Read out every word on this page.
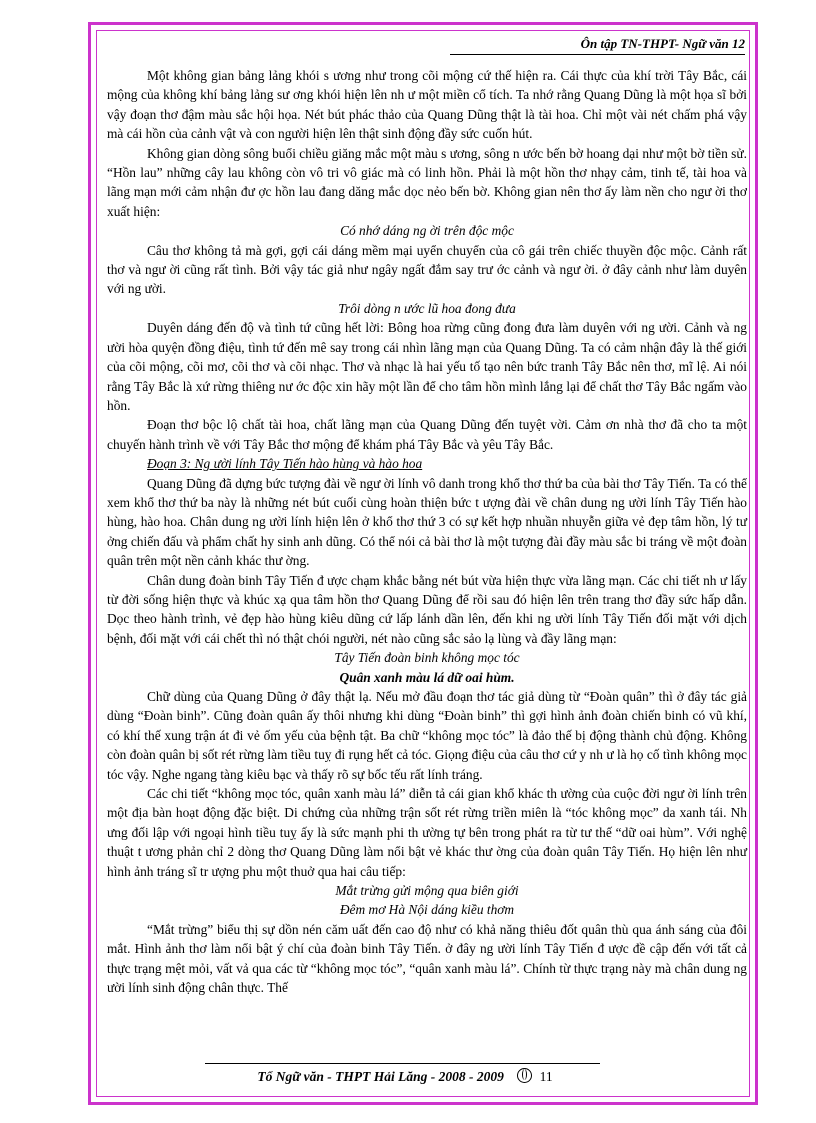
Ôn tập TN-THPT- Ngữ văn 12

Một không gian bảng lảng khói s ương như trong cõi mộng cứ thế hiện ra. Cái thực của khí trời Tây Bắc, cái mộng của không khí bảng lảng sư ơng khói hiện lên nh ư một miền cổ tích. Ta nhớ rằng Quang Dũng là một họa sĩ bởi vậy đoạn thơ đậm màu sắc hội họa. Nét bút phác thảo của Quang Dũng thật là tài hoa. Chỉ một vài nét chấm phá vậy mà cái hồn của cảnh vật và con người hiện lên thật sinh động đầy sức cuốn hút.

Không gian dòng sông buổi chiều giăng mắc một màu s ương, sông n ước bến bờ hoang dại như một bờ tiền sử. “Hồn lau” những cây lau không còn vô tri vô giác mà có linh hồn. Phải là một hồn thơ nhạy cảm, tinh tế, tài hoa và lãng mạn mới cảm nhận đư ợc hồn lau đang dăng mắc dọc nẻo bến bờ. Không gian nên thơ ấy làm nền cho ngư ời thơ xuất hiện:

Có nhớ dáng ng ời trên độc mộc

Câu thơ không tả mà gợi, gợi cái dáng mềm mại uyển chuyển của cô gái trên chiếc thuyền độc mộc. Cảnh rất thơ và ngư ời cũng rất tình. Bởi vậy tác giả như ngây ngất đắm say trư ớc cảnh và ngư ời. ở đây cảnh như làm duyên với ng ười.

Trôi dòng n ước lũ hoa đong đưa

Duyên dáng đến độ và tình tứ cũng hết lời: Bông hoa rừng cũng đong đưa làm duyên với ng ười. Cảnh và ng ười hòa quyện đồng điệu, tình tứ đến mê say trong cái nhìn lãng mạn của Quang Dũng. Ta có cảm nhận đây là thế giới của cõi mộng, cõi mơ, cõi thơ và cõi nhạc. Thơ và nhạc là hai yếu tố tạo nên bức tranh Tây Bắc nên thơ, mĩ lệ. Ai nói rằng Tây Bắc là xứ rừng thiêng nư ớc độc xin hãy một lần để cho tâm hồn mình lắng lại để chất thơ Tây Bắc ngấm vào hồn.

Đoạn thơ bộc lộ chất tài hoa, chất lãng mạn của Quang Dũng đến tuyệt vời. Cảm ơn nhà thơ đã cho ta một chuyến hành trình về với Tây Bắc thơ mộng để khám phá Tây Bắc và yêu Tây Bắc.

Đoạn 3: Ng ười lính Tây Tiến hào hùng và hào hoa

Quang Dũng đã dựng bức tượng đài về ngư ời lính vô danh trong khổ thơ thứ ba của bài thơ Tây Tiến. Ta có thể xem khổ thơ thứ ba này là những nét bút cuối cùng hoàn thiện bức t ượng đài về chân dung ng ười lính Tây Tiến hào hùng, hào hoa. Chân dung ng ười lính hiện lên ở khổ thơ thứ 3 có sự kết hợp nhuần nhuyễn giữa vẻ đẹp tâm hồn, lý tư ởng chiến đấu và phẩm chất hy sinh anh dũng. Có thể nói cả bài thơ là một tượng đài đầy màu sắc bi tráng về một đoàn quân trên một nền cảnh khác thư ờng.

Chân dung đoàn binh Tây Tiến đ ược chạm khắc bằng nét bút vừa hiện thực vừa lãng mạn. Các chi tiết nh ư lấy từ đời sống hiện thực và khúc xạ qua tâm hồn thơ Quang Dũng để rồi sau đó hiện lên trên trang thơ đầy sức hấp dẫn. Dọc theo hành trình, vẻ đẹp hào hùng kiêu dũng cứ lấp lánh dần lên, đến khi ng ười lính Tây Tiến đối mặt với dịch bệnh, đối mặt với cái chết thì nó thật chói người, nét nào cũng sắc sảo lạ lùng và đầy lãng mạn:

Tây Tiến đoàn binh không mọc tóc

Quân xanh màu lá dữ oai hùm.

Chữ dùng của Quang Dũng ở đây thật lạ. Nếu mở đầu đoạn thơ tác giả dùng từ “Đoàn quân” thì ở đây tác giả dùng “Đoàn binh”. Cũng đoàn quân ấy thôi nhưng khi dùng “Đoàn binh” thì gợi hình ảnh đoàn chiến binh có vũ khí, có khí thế xung trận át đi vẻ ốm yếu của bệnh tật. Ba chữ “không mọc tóc” là đảo thế bị động thành chủ động. Không còn đoàn quân bị sốt rét rừng làm tiều tuỵ đi rụng hết cả tóc. Giọng điệu của câu thơ cứ y nh ư là họ cố tình không mọc tóc vậy. Nghe ngang tàng kiêu bạc và thấy rõ sự bốc tếu rất lính tráng.

Các chi tiết “không mọc tóc, quân xanh màu lá” diễn tả cái gian khổ khác th ường của cuộc đời ngư ời lính trên một địa bàn hoạt động đặc biệt. Di chứng của những trận sốt rét rừng triền miên là “tóc không mọc” da xanh tái. Nh ưng đối lập với ngoại hình tiều tuỵ ấy là sức mạnh phi th ường tự bên trong phát ra từ tư thế “dữ oai hùm”. Với nghệ thuật t ương phản chỉ 2 dòng thơ Quang Dũng làm nổi bật vẻ khác thư ờng của đoàn quân Tây Tiến. Họ hiện lên như hình ảnh tráng sĩ tr ượng phu một thuở qua hai câu tiếp:

Mắt trừng gửi mộng qua biên giới

Đêm mơ Hà Nội dáng kiều thơm

“Mắt trừng” biểu thị sự dồn nén căm uất đến cao độ như có khả năng thiêu đốt quân thù qua ánh sáng của đôi mắt. Hình ảnh thơ làm nổi bật ý chí của đoàn binh Tây Tiến. ở đây ng ười lính Tây Tiến đ ược đề cập đến với tất cả thực trạng mệt mỏi, vất vả qua các từ “không mọc tóc”, “quân xanh màu lá”. Chính từ thực trạng này mà chân dung ng ười lính sinh động chân thực. Thế

Tổ Ngữ văn - THPT Hải Lăng - 2008 - 2009	11
